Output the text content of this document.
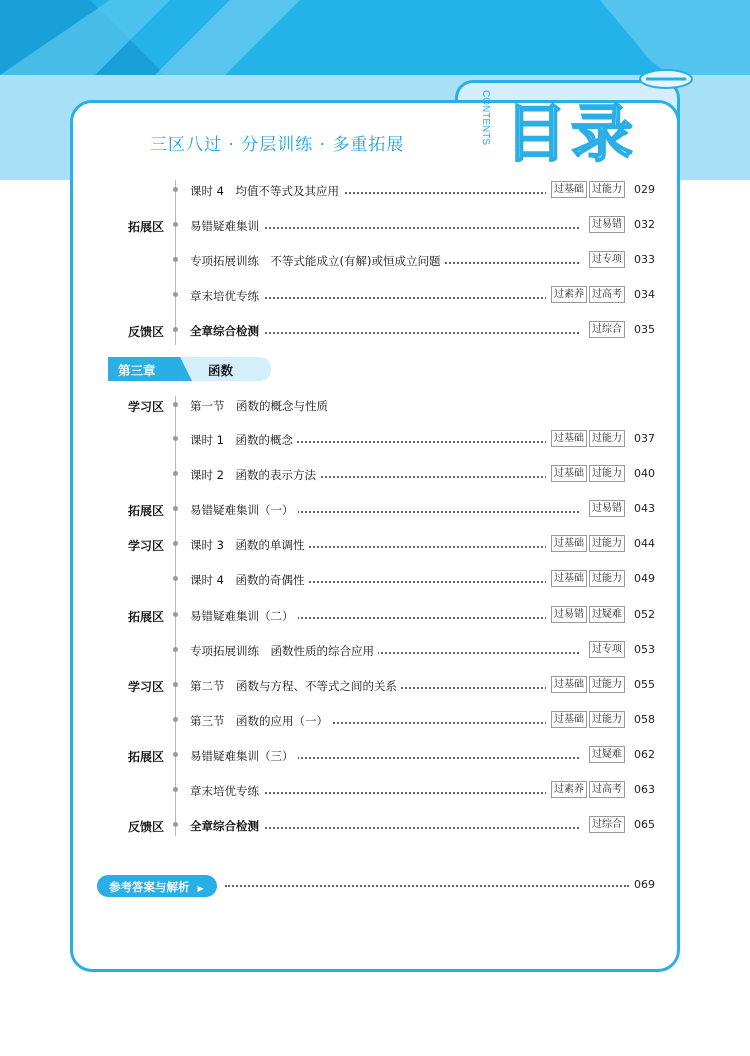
CONTENTS 目录
三区八过 · 分层训练 · 多重拓展
课时 4　均值不等式及其应用	过基础 过能力 029
拓展区 易错疑难集训	过易错 032
专项拓展训练　不等式能成立(有解)或恒成立问题	过专项 033
章末培优专练	过素养 过高考 034
反馈区 全章综合检测	过综合 035
第三章	函数
学习区 第一节　函数的概念与性质
课时 1　函数的概念	过基础 过能力 037
课时 2　函数的表示方法	过基础 过能力 040
拓展区 易错疑难集训（一）	过易错 043
学习区 课时 3　函数的单调性	过基础 过能力 044
课时 4　函数的奇偶性	过基础 过能力 049
拓展区 易错疑难集训（二）	过易错 过疑难 052
专项拓展训练　函数性质的综合应用	过专项 053
学习区 第二节　函数与方程、不等式之间的关系	过基础 过能力 055
第三节　函数的应用（一）	过基础 过能力 058
拓展区 易错疑难集训（三）	过疑难 062
章末培优专练	过素养 过高考 063
反馈区 全章综合检测	过综合 065
参考答案与解析 ▶	069
